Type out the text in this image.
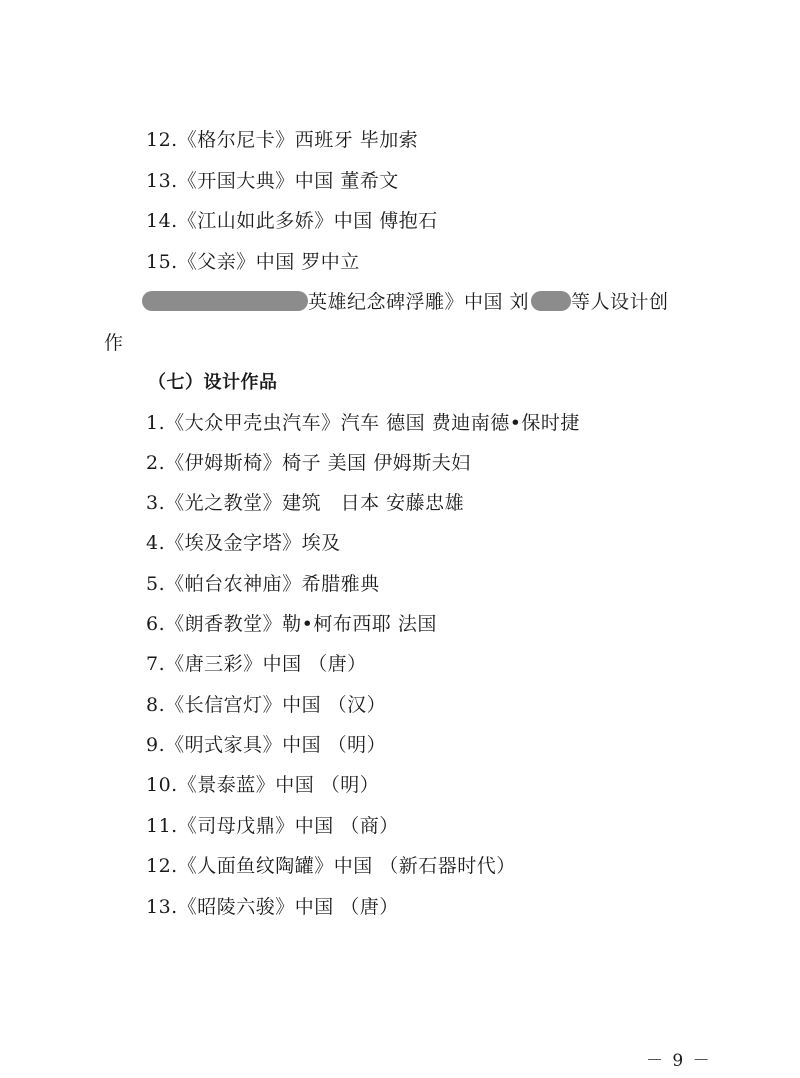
12.《格尔尼卡》西班牙 毕加索
13.《开国大典》中国 董希文
14.《江山如此多娇》中国 傅抱石
15.《父亲》中国 罗中立
英雄纪念碑浮雕》中国 刘 等人设计创
作
（七）设计作品
1.《大众甲壳虫汽车》汽车 德国 费迪南德•保时捷
2.《伊姆斯椅》椅子 美国 伊姆斯夫妇
3.《光之教堂》建筑　日本 安藤忠雄
4.《埃及金字塔》埃及
5.《帕台农神庙》希腊雅典
6.《朗香教堂》勒•柯布西耶 法国
7.《唐三彩》中国 （唐）
8.《长信宫灯》中国 （汉）
9.《明式家具》中国 （明）
10.《景泰蓝》中国 （明）
11.《司母戊鼎》中国 （商）
12.《人面鱼纹陶罐》中国 （新石器时代）
13.《昭陵六骏》中国 （唐）
－ 9 －
